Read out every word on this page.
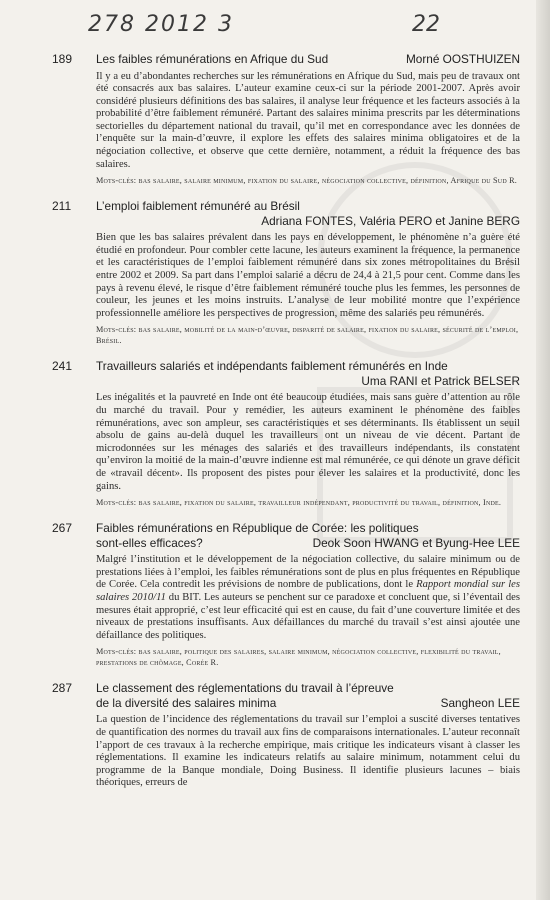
278 2012 3	22
189 Les faibles rémunérations en Afrique du Sud	Morné OOSTHUIZEN

Il y a eu d’abondantes recherches sur les rémunérations en Afrique du Sud, mais peu de travaux ont été consacrés aux bas salaires. L’auteur examine ceux-ci sur la période 2001-2007. Après avoir considéré plusieurs définitions des bas salaires, il analyse leur fréquence et les facteurs associés à la probabilité d’être faiblement rémunéré. Partant des salaires minima prescrits par les déterminations sectorielles du département national du travail, qu’il met en correspondance avec les données de l’enquête sur la main-d’œuvre, il explore les effets des salaires minima obligatoires et de la négociation collective, et observe que cette dernière, notamment, a réduit la fréquence des bas salaires.

Mots-clés: bas salaire, salaire minimum, fixation du salaire, négociation collective, définition, Afrique du Sud R.

211 L’emploi faiblement rémunéré au Brésil
Adriana FONTES, Valéria PERO et Janine BERG

Bien que les bas salaires prévalent dans les pays en développement, le phénomène n’a guère été étudié en profondeur. Pour combler cette lacune, les auteurs examinent la fréquence, la permanence et les caractéristiques de l’emploi faiblement rémunéré dans six zones métropolitaines du Brésil entre 2002 et 2009. Sa part dans l’emploi salarié a décru de 24,4 à 21,5 pour cent. Comme dans les pays à revenu élevé, le risque d’être faiblement rémunéré touche plus les femmes, les personnes de couleur, les jeunes et les moins instruits. L’analyse de leur mobilité montre que l’expérience professionnelle améliore les perspectives de progression, même des salariés peu rémunérés.

Mots-clés: bas salaire, mobilité de la main-d’œuvre, disparité de salaire, fixation du salaire, sécurité de l’emploi, Brésil.

241 Travailleurs salariés et indépendants faiblement rémunérés en Inde
Uma RANI et Patrick BELSER

Les inégalités et la pauvreté en Inde ont été beaucoup étudiées, mais sans guère d’attention au rôle du marché du travail. Pour y remédier, les auteurs examinent le phénomène des faibles rémunérations, avec son ampleur, ses caractéristiques et ses déterminants. Ils établissent un seuil absolu de gains au-delà duquel les travailleurs ont un niveau de vie décent. Partant de microdonnées sur les ménages des salariés et des travailleurs indépendants, ils constatent qu’environ la moitié de la main-d’œuvre indienne est mal rémunérée, ce qui dénote un grave déficit de «travail décent». Ils proposent des pistes pour élever les salaires et la productivité, donc les gains.

Mots-clés: bas salaire, fixation du salaire, travailleur indépendant, productivité du travail, définition, Inde.

267 Faibles rémunérations en République de Corée: les politiques
sont-elles efficaces?	Deok Soon HWANG et Byung-Hee LEE

Malgré l’institution et le développement de la négociation collective, du salaire minimum ou de prestations liées à l’emploi, les faibles rémunérations sont de plus en plus fréquentes en République de Corée. Cela contredit les prévisions de nombre de publications, dont le Rapport mondial sur les salaires 2010/11 du BIT. Les auteurs se penchent sur ce paradoxe et concluent que, si l’éventail des mesures était approprié, c’est leur efficacité qui est en cause, du fait d’une couverture limitée et des niveaux de prestations insuffisants. Aux défaillances du marché du travail s’est ainsi ajoutée une défaillance des politiques.

Mots-clés: bas salaire, politique des salaires, salaire minimum, négociation collective, flexibilité du travail, prestations de chômage, Corée R.

287 Le classement des réglementations du travail à l’épreuve
de la diversité des salaires minima	Sangheon LEE

La question de l’incidence des réglementations du travail sur l’emploi a suscité diverses tentatives de quantification des normes du travail aux fins de comparaisons internationales. L’auteur reconnaît l’apport de ces travaux à la recherche empirique, mais critique les indicateurs visant à classer les réglementations. Il examine les indicateurs relatifs au salaire minimum, notamment celui du programme de la Banque mondiale, Doing Business. Il identifie plusieurs lacunes – biais théoriques, erreurs de
